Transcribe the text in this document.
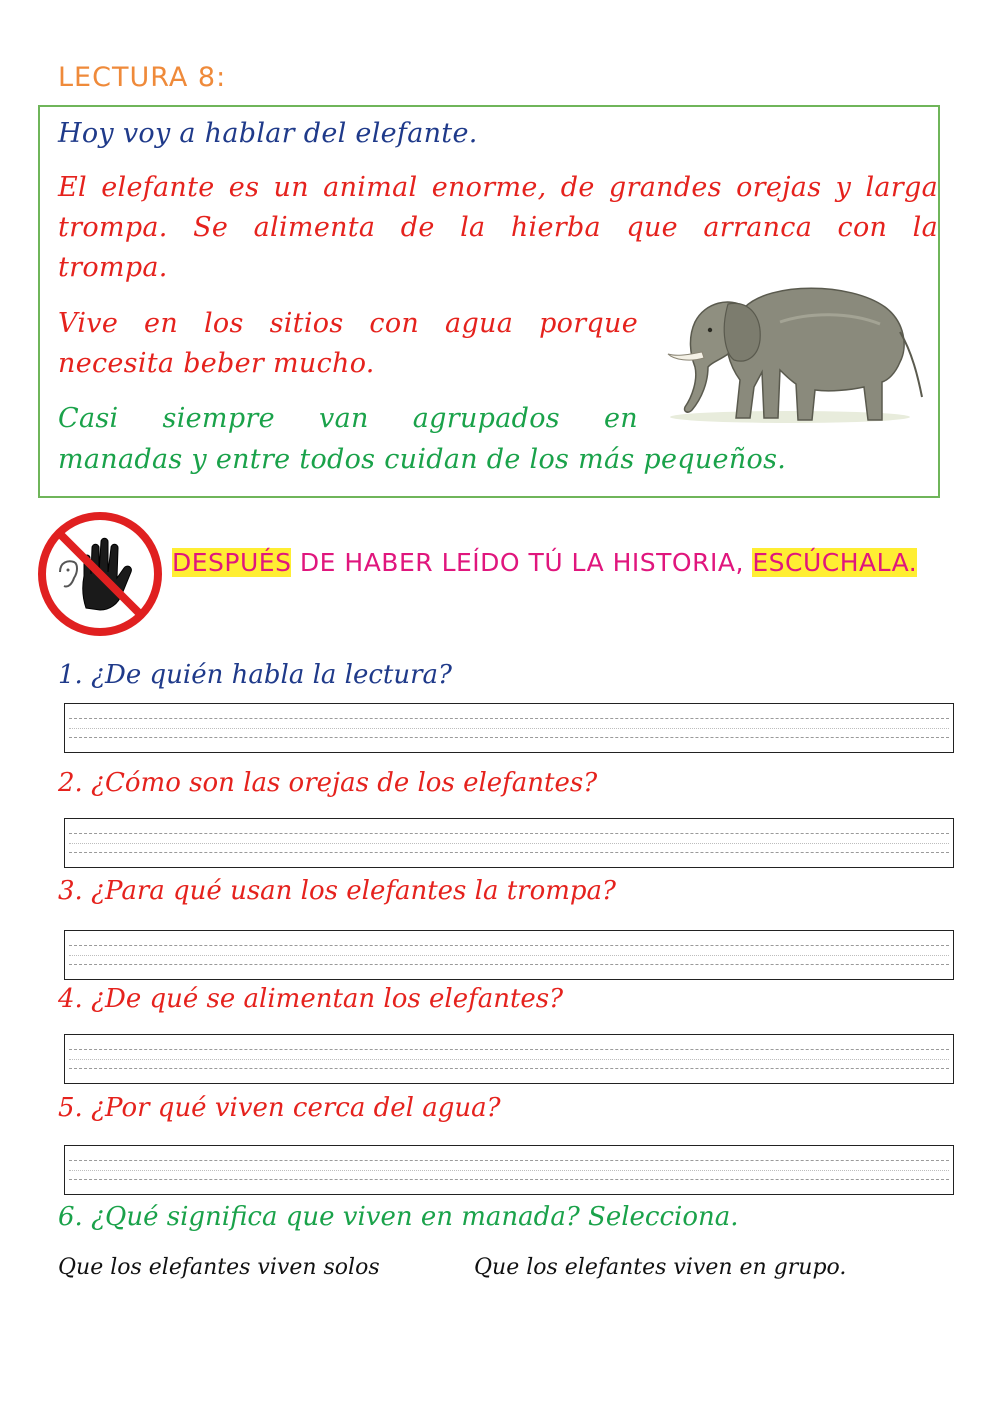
LECTURA 8:
Hoy voy a hablar del elefante.
El elefante es un animal enorme, de grandes orejas y larga
trompa. Se alimenta de la hierba que arranca con la
trompa.
Vive en los sitios con agua porque
necesita beber mucho.
Casi siempre van agrupados en
manadas y entre todos cuidan de los más pequeños.
DESPUÉS DE HABER LEÍDO TÚ LA HISTORIA, ESCÚCHALA.
1. ¿De quién habla la lectura?
2. ¿Cómo son las orejas de los elefantes?
3. ¿Para qué usan los elefantes la trompa?
4. ¿De qué se alimentan los elefantes?
5. ¿Por qué viven cerca del agua?
6. ¿Qué significa que viven en manada? Selecciona.
Que los elefantes viven solos	Que los elefantes viven en grupo.
